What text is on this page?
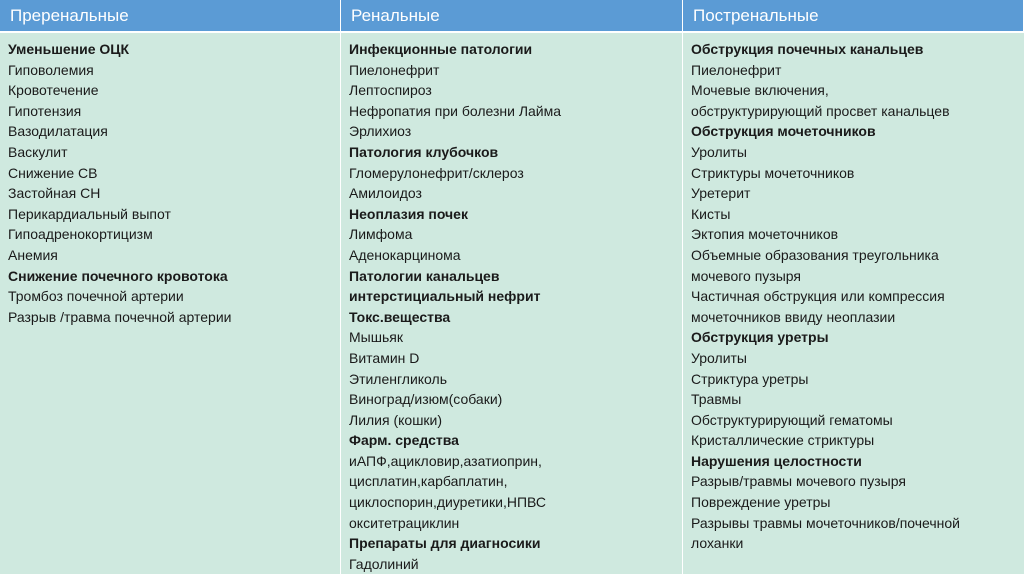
Преренальные	Ренальные	Постренальные
Уменьшение ОЦК
Гиповолемия
Кровотечение
Гипотензия
Вазодилатация
Васкулит
Снижение СВ
Застойная СН
Перикардиальный выпот
Гипоадренокортицизм
Анемия
Снижение почечного кровотока
Тромбоз почечной артерии
Разрыв /травма почечной артерии
Инфекционные патологии
Пиелонефрит
Лептоспироз
Нефропатия при болезни Лайма
Эрлихиоз
Патология клубочков
Гломерулонефрит/склероз
Амилоидоз
Неоплазия почек
Лимфома
Аденокарцинома
Патологии канальцев
интерстициальный нефрит
Токс.вещества
Мышьяк
Витамин D
Этиленгликоль
Виноград/изюм(собаки)
Лилия (кошки)
Фарм. средства
иАПФ,ацикловир,азатиоприн,
цисплатин,карбаплатин,
циклоспорин,диуретики,НПВС
окситетрациклин
Препараты для диагносики
Гадолиний
Обструкция почечных канальцев
Пиелонефрит
Мочевые включения,
обструктурирующий просвет канальцев
Обструкция мочеточников
Уролиты
Стриктуры мочеточников
Уретерит
Кисты
Эктопия мочеточников
Объемные образования треугольника
мочевого пузыря
Частичная обструкция или компрессия
мочеточников ввиду неоплазии
Обструкция уретры
Уролиты
Стриктура уретры
Травмы
Обструктурирующий гематомы
Кристаллические стриктуры
Нарушения целостности
Разрыв/травмы мочевого пузыря
Повреждение уретры
Разрывы травмы мочеточников/почечной
лоханки
